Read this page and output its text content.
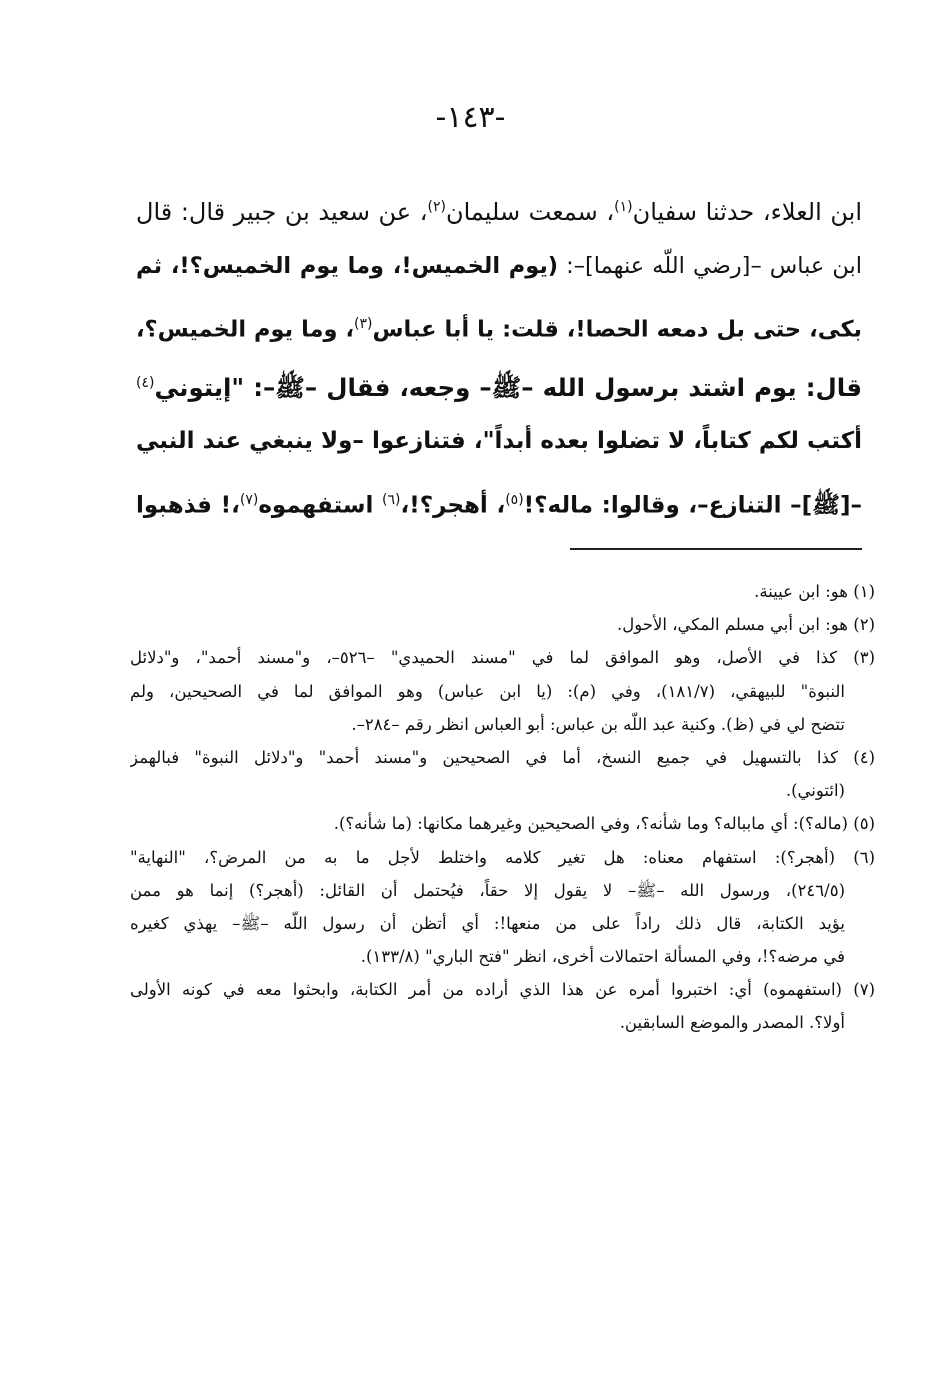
-١٤٣-
ابن العلاء، حدثنا سفيان$^{(١)}$، سمعت سليمان$^{(٢)}$، عن سعيد بن جبير قال: قال
ابن عباس –[رضي اللّه عنهما]–: (يوم الخميس!، وما يوم الخميس؟!، ثم
بكى، حتى بل دمعه الحصا!، قلت: يا أبا عباس$^{(٣)}$، وما يوم الخميس؟،
قال: يوم اشتد برسول الله –ﷺ– وجعه، فقال –ﷺ–: "إيتوني$^{(٤)}$
أكتب لكم كتاباً، لا تضلوا بعده أبداً"، فتنازعوا –ولا ينبغي عند النبي
–[ﷺ]– التنازع–، وقالوا: ماله؟!$^{(٥)}$، أهجر؟!،$^{(٦)}$ استفهموه$^{(٧)}$،! فذهبوا
(١) هو: ابن عيينة.
(٢) هو: ابن أبي مسلم المكي، الأحول.
(٣) كذا في الأصل، وهو الموافق لما في "مسند الحميدي" –٥٢٦–، و"مسند أحمد"، و"دلائل
النبوة" للبيهقي، (١٨١/٧)، وفي (م): (يا ابن عباس) وهو الموافق لما في الصحيحين، ولم
تتضح لي في (ظ). وكنية عبد اللّه بن عباس: أبو العباس انظر رقم –٢٨٤–.
(٤) كذا بالتسهيل في جميع النسخ، أما في الصحيحين و"مسند أحمد" و"دلائل النبوة" فبالهمز
(ائتوني).
(٥) (ماله؟): أي مابباله؟ وما شأنه؟، وفي الصحيحين وغيرهما مكانها: (ما شأنه؟).
(٦) (أهجر؟): استفهام معناه: هل تغير كلامه واختلط لأجل ما به من المرض؟، "النهاية"
(٢٤٦/٥)، ورسول الله –ﷺ– لا يقول إلا حقاً، فيُحتمل أن القائل: (أهجر؟) إنما هو ممن
يؤيد الكتابة، قال ذلك راداً على من منعها!: أي أتظن أن رسول اللّه –ﷺ– يهذي كغيره
في مرضه؟!، وفي المسألة احتمالات أخرى، انظر "فتح الباري" (١٣٣/٨).
(٧) (استفهموه) أي: اختبروا أمره عن هذا الذي أراده من أمر الكتابة، وابحثوا معه في كونه الأولى
أولا؟. المصدر والموضع السابقين.
